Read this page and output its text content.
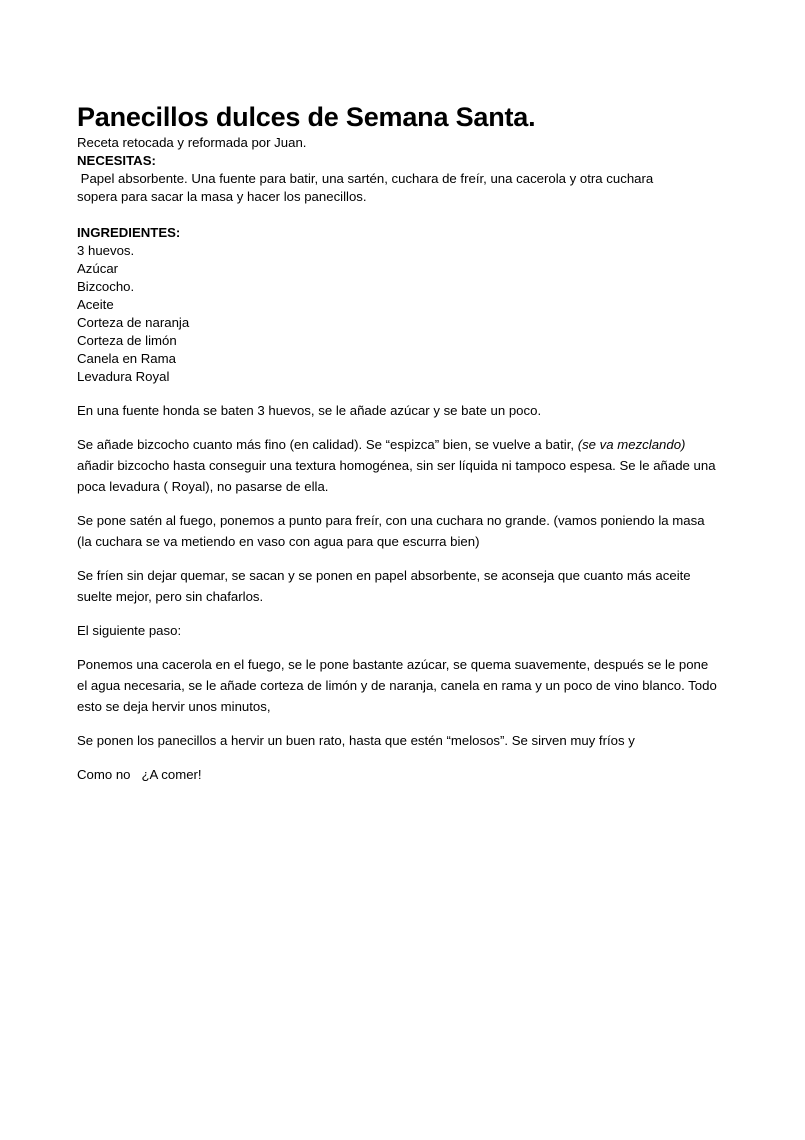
Panecillos dulces de Semana Santa.

Receta retocada y reformada por Juan.

NECESITAS:

Papel absorbente. Una fuente para batir, una sartén, cuchara de freír, una cacerola y otra cuchara

sopera para sacar la masa y hacer los panecillos.

INGREDIENTES:

3 huevos.
Azúcar
Bizcocho.
Aceite
Corteza de naranja
Corteza de limón
Canela en Rama
Levadura Royal

En una fuente honda se baten 3 huevos, se le añade azúcar y se bate un poco.

Se añade bizcocho cuanto más fino (en calidad). Se “espizca” bien, se vuelve a batir, (se va mezclando) añadir bizcocho hasta conseguir una textura homogénea, sin ser líquida ni tampoco espesa. Se le añade una poca levadura ( Royal), no pasarse de ella.

Se pone satén al fuego, ponemos a punto para freír, con una cuchara no grande. (vamos poniendo la masa (la cuchara se va metiendo en vaso con agua para que escurra bien)

Se fríen sin dejar quemar, se sacan y se ponen en papel absorbente, se aconseja que cuanto más aceite suelte mejor, pero sin chafarlos.

El siguiente paso:

Ponemos una cacerola en el fuego, se le pone bastante azúcar, se quema suavemente, después se le pone el agua necesaria, se le añade corteza de limón y de naranja, canela en rama y un poco de vino blanco. Todo esto se deja hervir unos minutos,

Se ponen los panecillos a hervir un buen rato, hasta que estén “melosos”. Se sirven muy fríos y

Como no   ¿A comer!
